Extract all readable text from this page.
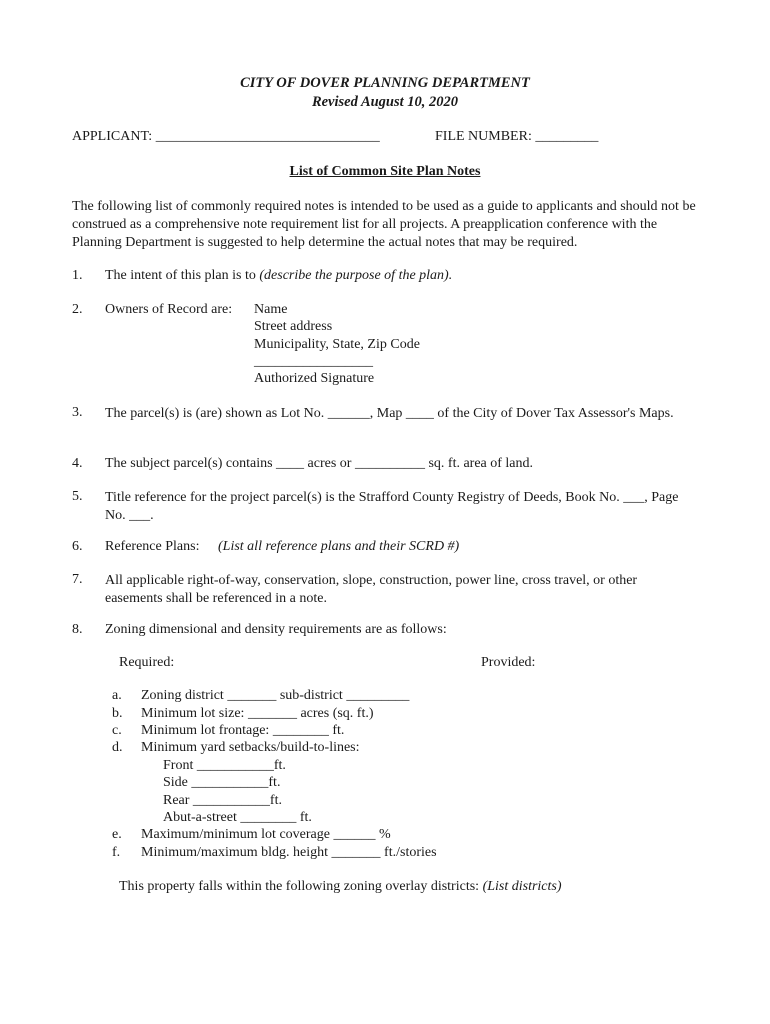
CITY OF DOVER PLANNING DEPARTMENT
Revised August 10, 2020
APPLICANT: ________________________________	FILE NUMBER: _________
List of Common Site Plan Notes
The following list of commonly required notes is intended to be used as a guide to applicants and should not be construed as a comprehensive note requirement list for all projects. A preapplication conference with the Planning Department is suggested to help determine the actual notes that may be required.
1. The intent of this plan is to (describe the purpose of the plan).
2. Owners of Record are: Name
Street address
Municipality, State, Zip Code
_________________
Authorized Signature
3. The parcel(s) is (are) shown as Lot No. ______, Map ____ of the City of Dover Tax Assessor's Maps.
4. The subject parcel(s) contains ____ acres or __________ sq. ft. area of land.
5. Title reference for the project parcel(s) is the Strafford County Registry of Deeds, Book No. ___, Page No. ___.
6. Reference Plans: (List all reference plans and their SCRD #)
7. All applicable right-of-way, conservation, slope, construction, power line, cross travel, or other easements shall be referenced in a note.
8. Zoning dimensional and density requirements are as follows:
Required:	Provided:
a. Zoning district _______ sub-district _________
b. Minimum lot size: _______ acres (sq. ft.)
c. Minimum lot frontage: ________ ft.
d. Minimum yard setbacks/build-to-lines:
Front ___________ft.
Side ___________ft.
Rear ___________ft.
Abut-a-street ________ ft.
e. Maximum/minimum lot coverage ______ %
f. Minimum/maximum bldg. height _______ ft./stories
This property falls within the following zoning overlay districts: (List districts)
